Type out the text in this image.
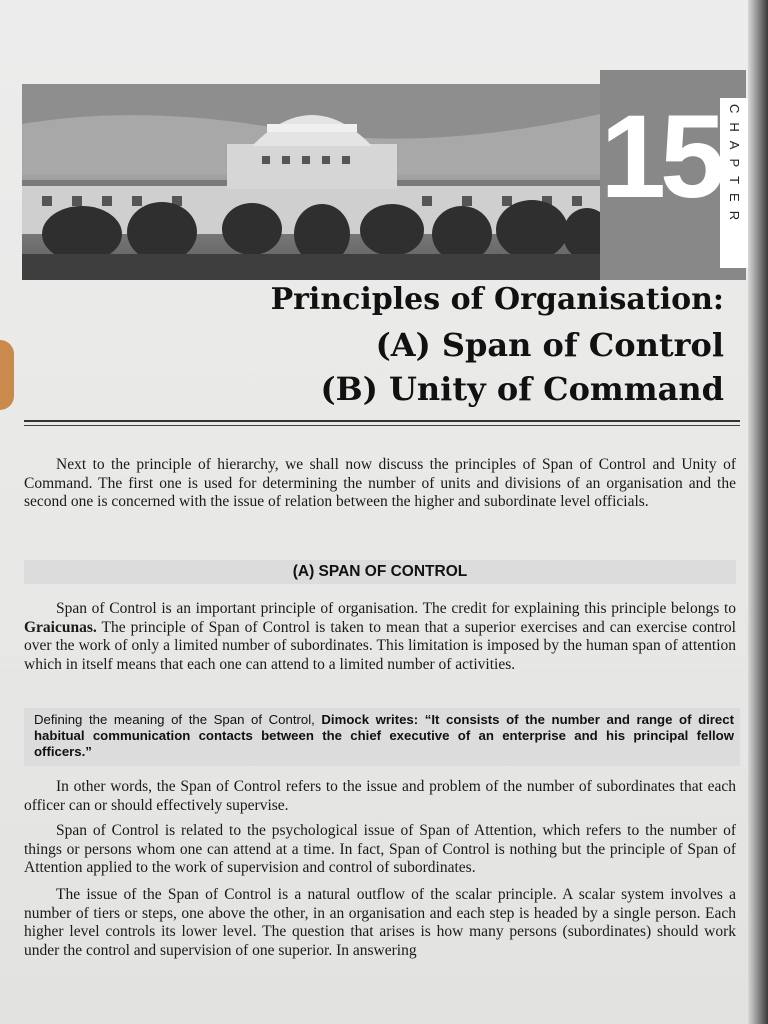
15 CHAPTER
Principles of Organisation:
(A) Span of Control
(B) Unity of Command

Next to the principle of hierarchy, we shall now discuss the principles of Span of Control and Unity of Command. The first one is used for determining the number of units and divisions of an organisation and the second one is concerned with the issue of relation between the higher and subordinate level officials.

(A) SPAN OF CONTROL

Span of Control is an important principle of organisation. The credit for explaining this principle belongs to Graicunas. The principle of Span of Control is taken to mean that a superior exercises and can exercise control over the work of only a limited number of subordinates. This limitation is imposed by the human span of attention which in itself means that each one can attend to a limited number of activities.

Defining the meaning of the Span of Control, Dimock writes: “It consists of the number and range of direct habitual communication contacts between the chief executive of an enterprise and his principal fellow officers.”

In other words, the Span of Control refers to the issue and problem of the number of subordinates that each officer can or should effectively supervise.

Span of Control is related to the psychological issue of Span of Attention, which refers to the number of things or persons whom one can attend at a time. In fact, Span of Control is nothing but the principle of Span of Attention applied to the work of supervision and control of subordinates.

The issue of the Span of Control is a natural outflow of the scalar principle. A scalar system involves a number of tiers or steps, one above the other, in an organisation and each step is headed by a single person. Each higher level controls its lower level. The question that arises is how many persons (subordinates) should work under the control and supervision of one superior. In answering
